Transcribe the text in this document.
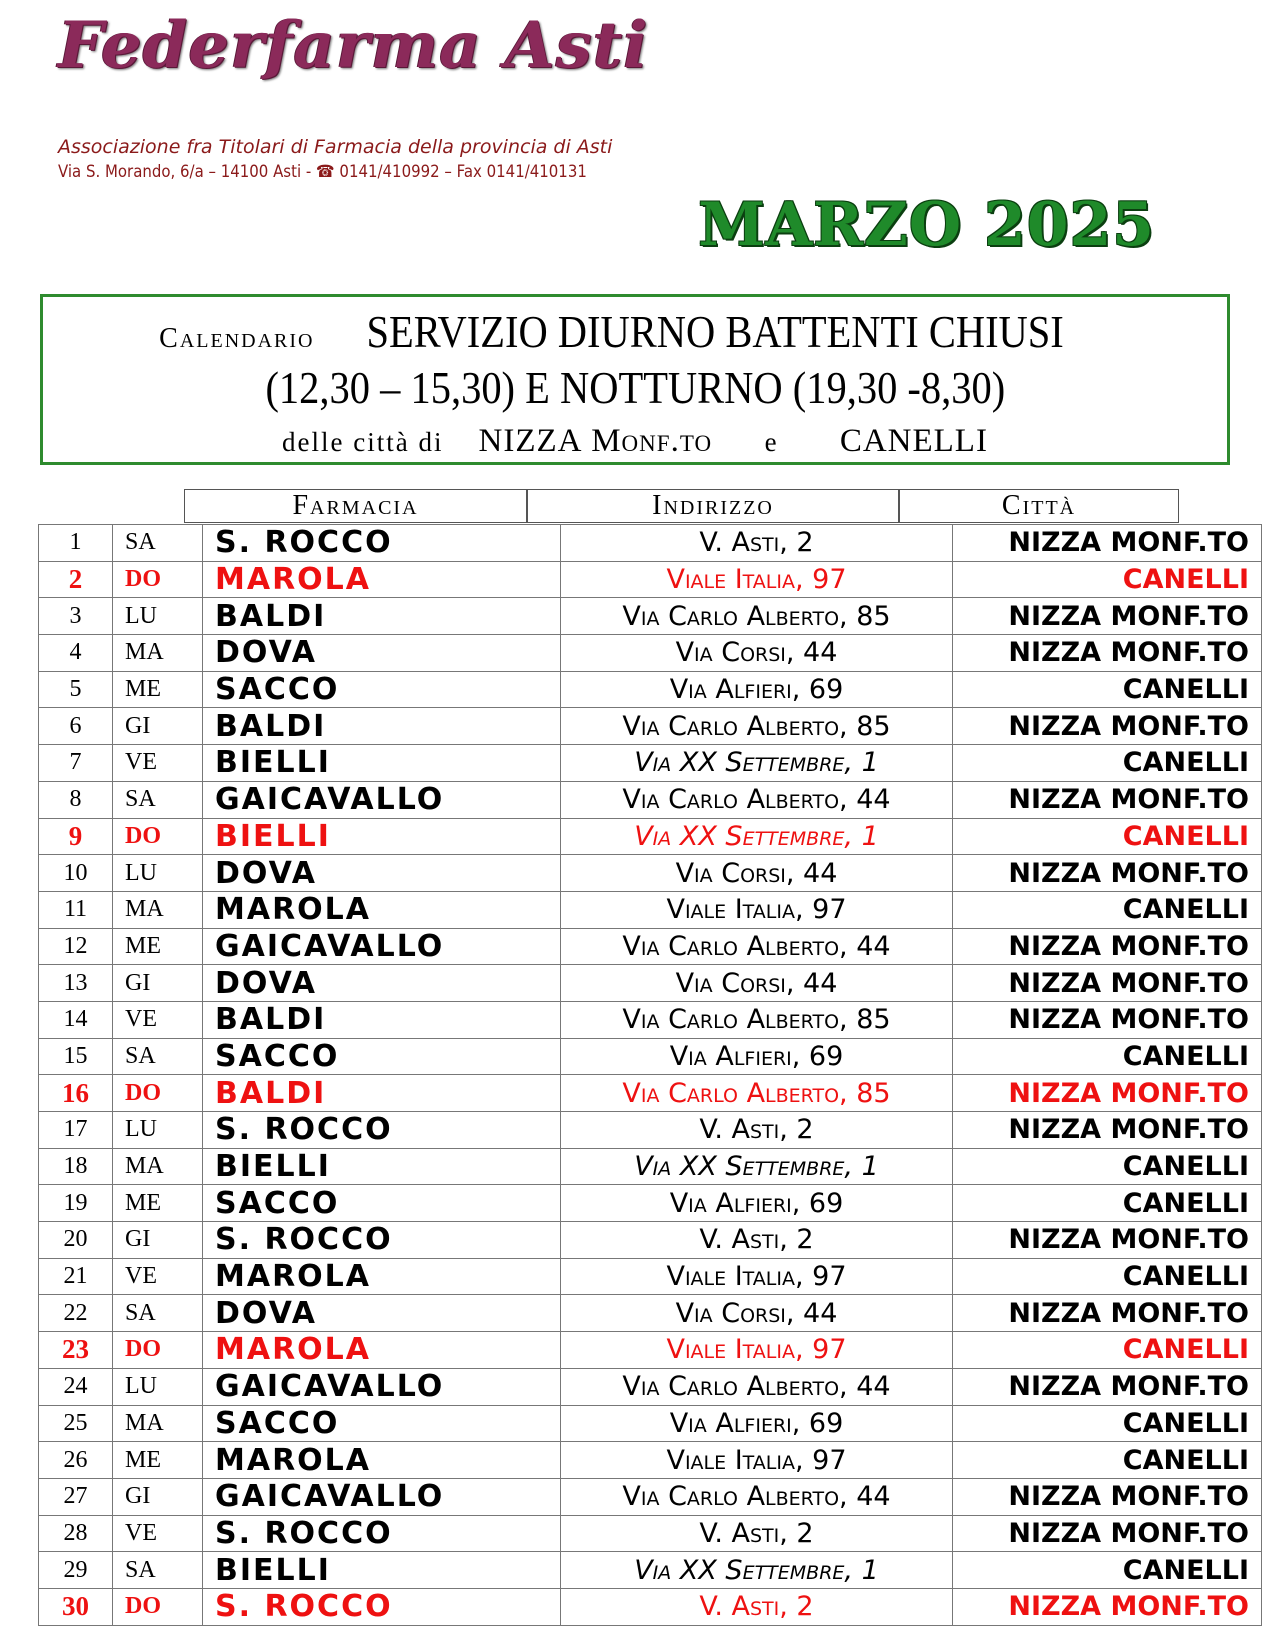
Federfarma Asti
Associazione fra Titolari di Farmacia della provincia di Asti
Via S. Morando, 6/a – 14100 Asti - ☎ 0141/410992 – Fax 0141/410131
MARZO 2025
Calendario SERVIZIO DIURNO BATTENTI CHIUSI
(12,30 – 15,30) E NOTTURNO (19,30 -8,30)
delle città di NIZZA Monf.to e CANELLI
Farmacia	Indirizzo	Città
1	SA	S. ROCCO	V. Asti, 2	NIZZA MONF.TO
2	DO	MAROLA	Viale Italia, 97	CANELLI
3	LU	BALDI	Via Carlo Alberto, 85	NIZZA MONF.TO
4	MA	DOVA	Via Corsi, 44	NIZZA MONF.TO
5	ME	SACCO	Via Alfieri, 69	CANELLI
6	GI	BALDI	Via Carlo Alberto, 85	NIZZA MONF.TO
7	VE	BIELLI	Via XX Settembre, 1	CANELLI
8	SA	GAICAVALLO	Via Carlo Alberto, 44	NIZZA MONF.TO
9	DO	BIELLI	Via XX Settembre, 1	CANELLI
10	LU	DOVA	Via Corsi, 44	NIZZA MONF.TO
11	MA	MAROLA	Viale Italia, 97	CANELLI
12	ME	GAICAVALLO	Via Carlo Alberto, 44	NIZZA MONF.TO
13	GI	DOVA	Via Corsi, 44	NIZZA MONF.TO
14	VE	BALDI	Via Carlo Alberto, 85	NIZZA MONF.TO
15	SA	SACCO	Via Alfieri, 69	CANELLI
16	DO	BALDI	Via Carlo Alberto, 85	NIZZA MONF.TO
17	LU	S. ROCCO	V. Asti, 2	NIZZA MONF.TO
18	MA	BIELLI	Via XX Settembre, 1	CANELLI
19	ME	SACCO	Via Alfieri, 69	CANELLI
20	GI	S. ROCCO	V. Asti, 2	NIZZA MONF.TO
21	VE	MAROLA	Viale Italia, 97	CANELLI
22	SA	DOVA	Via Corsi, 44	NIZZA MONF.TO
23	DO	MAROLA	Viale Italia, 97	CANELLI
24	LU	GAICAVALLO	Via Carlo Alberto, 44	NIZZA MONF.TO
25	MA	SACCO	Via Alfieri, 69	CANELLI
26	ME	MAROLA	Viale Italia, 97	CANELLI
27	GI	GAICAVALLO	Via Carlo Alberto, 44	NIZZA MONF.TO
28	VE	S. ROCCO	V. Asti, 2	NIZZA MONF.TO
29	SA	BIELLI	Via XX Settembre, 1	CANELLI
30	DO	S. ROCCO	V. Asti, 2	NIZZA MONF.TO
